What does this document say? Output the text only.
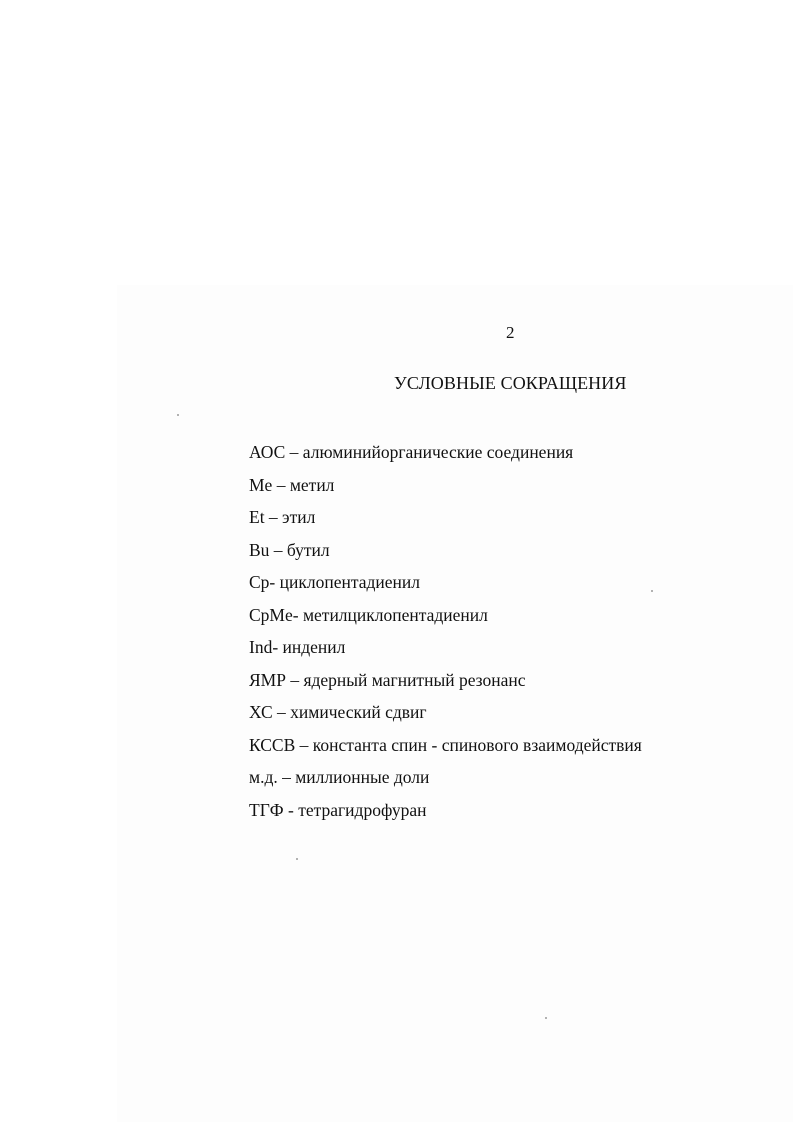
2
УСЛОВНЫЕ СОКРАЩЕНИЯ
АОС – алюминийорганические соединения
Me – метил
Et – этил
Bu – бутил
Cp- циклопентадиенил
CpMe- метилциклопентадиенил
Ind- инденил
ЯМР – ядерный магнитный резонанс
ХС – химический сдвиг
КССВ – константа спин - спинового взаимодействия
м.д. – миллионные доли
ТГФ - тетрагидрофуран
